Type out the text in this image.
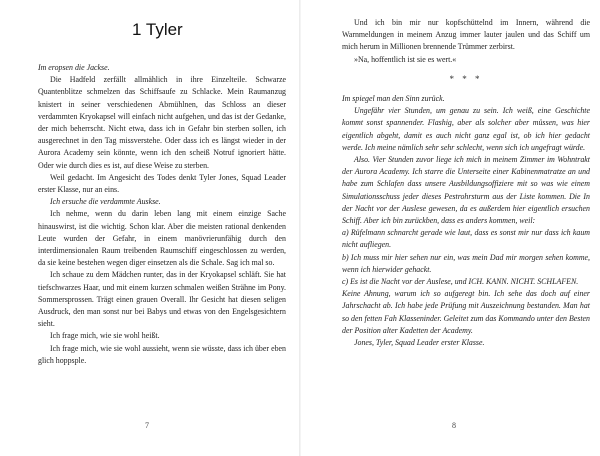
1 Tyler

Im eropsen die Jackse.

Die Hadfeld zerfällt allmählich in ihre Einzelteile. Schwarze Quantenblitze schmelzen das Schiffsaufe zu Schlacke. Mein Raumanzug knistert in seiner verschiedenen Abmühlnen, das Schloss an dieser verdammten Kryokapsel will einfach nicht aufgehen, und das ist der Gedanke, der mich beherrscht. Nicht etwa, dass ich in Gefahr bin sterben sollen, ich ausgerechnet in den Tag missverstehe. Oder dass ich es längst wieder in der Aurora Academy sein könnte, wenn ich den scheiß Notruf ignoriert hätte. Oder wie durch dies es ist, auf diese Weise zu sterben.

Weil gedacht. Im Angesicht des Todes denkt Tyler Jones, Squad Leader erster Klasse, nur an eins.

Ich ersuche die verdammte Auskse.

Ich nehme, wenn du darin leben lang mit einem einzige Sache hinauswirst, ist die wichtig. Schon klar. Aber die meisten rational denkenden Leute wurden der Gefahr, in einem manövrierunfähig durch den interdimensionalen Raum treibenden Raumschiff eingeschlossen zu werden, da sie keine bestehen wegen diger einsetzen als die Schale. Sag ich mal so.

Ich schaue zu dem Mädchen runter, das in der Kryokapsel schläft. Sie hat tiefschwarzes Haar, und mit einem kurzen schmalen weißen Strähne im Pony. Sommersprossen. Trägt einen grauen Overall. Ihr Gesicht hat diesen seligen Ausdruck, den man sonst nur bei Babys und etwas von den Engelsgesichtern sieht.

Ich frage mich, wie sie wohl heißt.

Ich frage mich, wie sie wohl aussieht, wenn sie wüsste, dass ich über eben glich hoppsple.

7

Und ich bin mir nur kopfschüttelnd im Innern, während die Warnmeldungen in meinem Anzug immer lauter jaulen und das Schiff um mich herum in Millionen brennende Trümmer zerbirst.

»Na, hoffentlich ist sie es wert.«

* * *

Im spiegel man den Sinn zurück.

Ungefähr vier Stunden, um genau zu sein. Ich weiß, eine Geschichte kommt sonst spannender. Flashig, aber als solcher aber müssen, was hier eigentlich abgeht, damit es auch nicht ganz egal ist, ob ich hier gedacht werde. Ich meine nämlich sehr sehr schlecht, wenn sich ich ungefragt würde.

Also. Vier Stunden zuvor liege ich mich in meinem Zimmer im Wohntrakt der Aurora Academy. Ich starre die Unterseite einer Kabinenmatratze an und habe zum Schlafen dass unsere Ausbildungsoffiziere mit so was wie einem Simulationsschuss jeder dieses Pestrohrsturm aus der Liste kommen. Die In der Nacht vor der Auslese gewesen, da es außerdem hier eigentlich ersuchen Schiff. Aber ich bin zurückben, dass es anders kommen, weil:

a) Rüfelmann schnarcht gerade wie laut, dass es sonst mir nur dass ich kaum nicht aufliegen.

b) Ich muss mir hier sehen nur ein, was mein Dad mir morgen sehen komme, wenn ich hierwider gehackt.

c) Es ist die Nacht vor der Auslese, und ICH. KANN. NICHT. SCHLAFEN.

Keine Ahnung, warum ich so aufgeregt bin. Ich sehe das doch auf einer Jahrschacht ab. Ich habe jede Prüfung mit Auszeichnung bestanden. Man hat so den fetten Fah Klasseninder. Geleitet zum das Kommando unter den Besten der Position alter Kadetten der Academy.

Jones, Tyler, Squad Leader erster Klasse.

8
